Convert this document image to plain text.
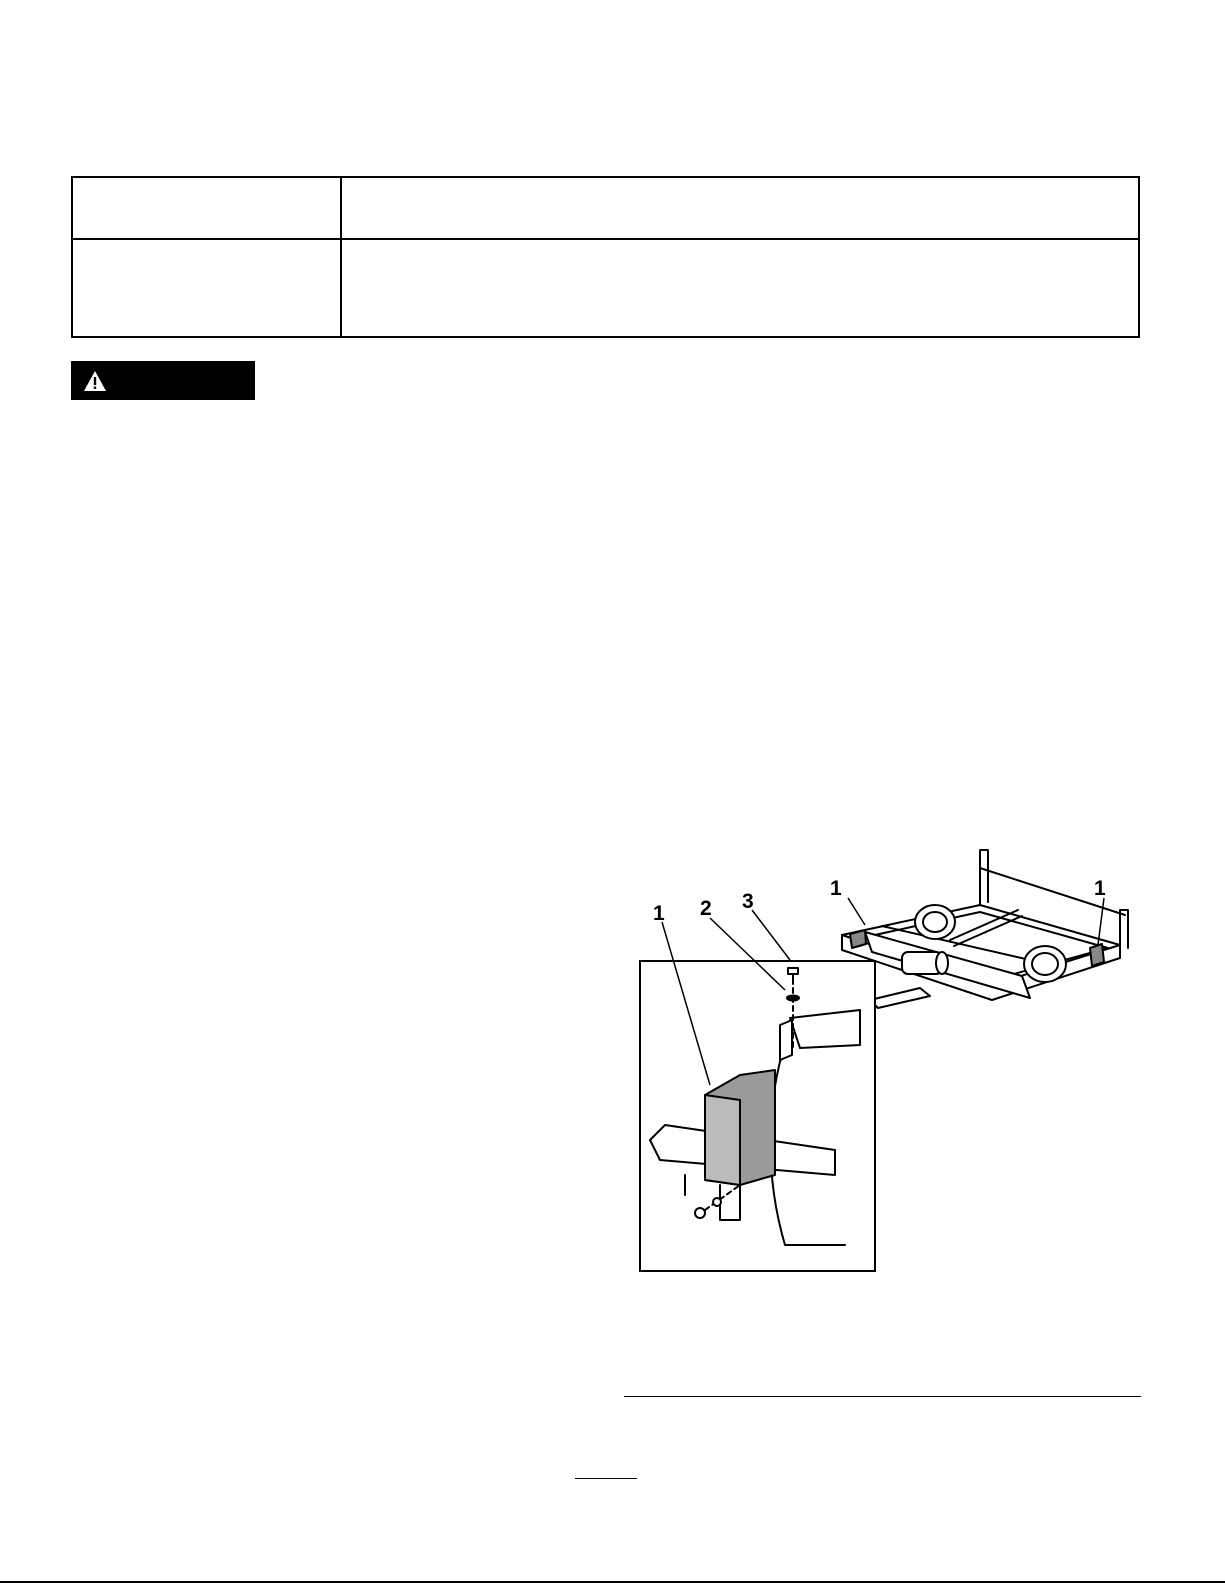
1 2 3
1	1
